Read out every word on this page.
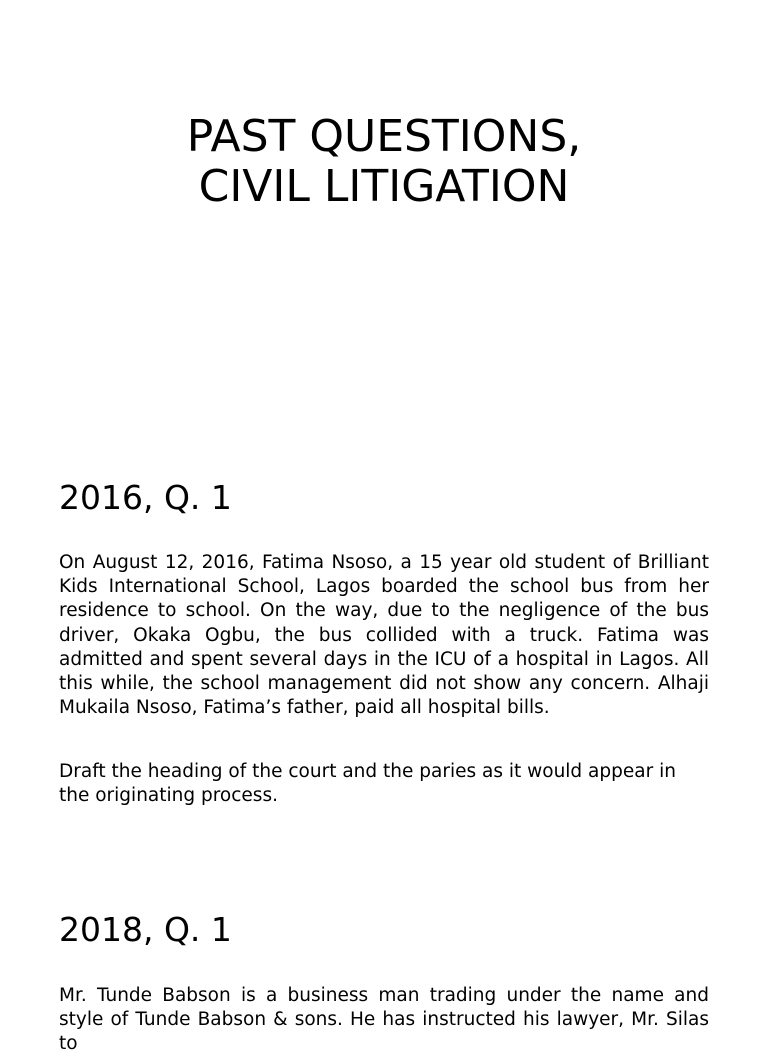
PAST QUESTIONS,
CIVIL LITIGATION
2016, Q. 1

On August 12, 2016, Fatima Nsoso, a 15 year old student of Brilliant Kids International School, Lagos boarded the school bus from her residence to school. On the way, due to the negligence of the bus driver, Okaka Ogbu, the bus collided with a truck. Fatima was admitted and spent several days in the ICU of a hospital in Lagos. All this while, the school management did not show any concern. Alhaji Mukaila Nsoso, Fatima’s father, paid all hospital bills.

Draft the heading of the court and the paries as it would appear in the originating process.

2018, Q. 1

Mr. Tunde Babson is a business man trading under the name and style of Tunde Babson & sons. He has instructed his lawyer, Mr. Silas to
